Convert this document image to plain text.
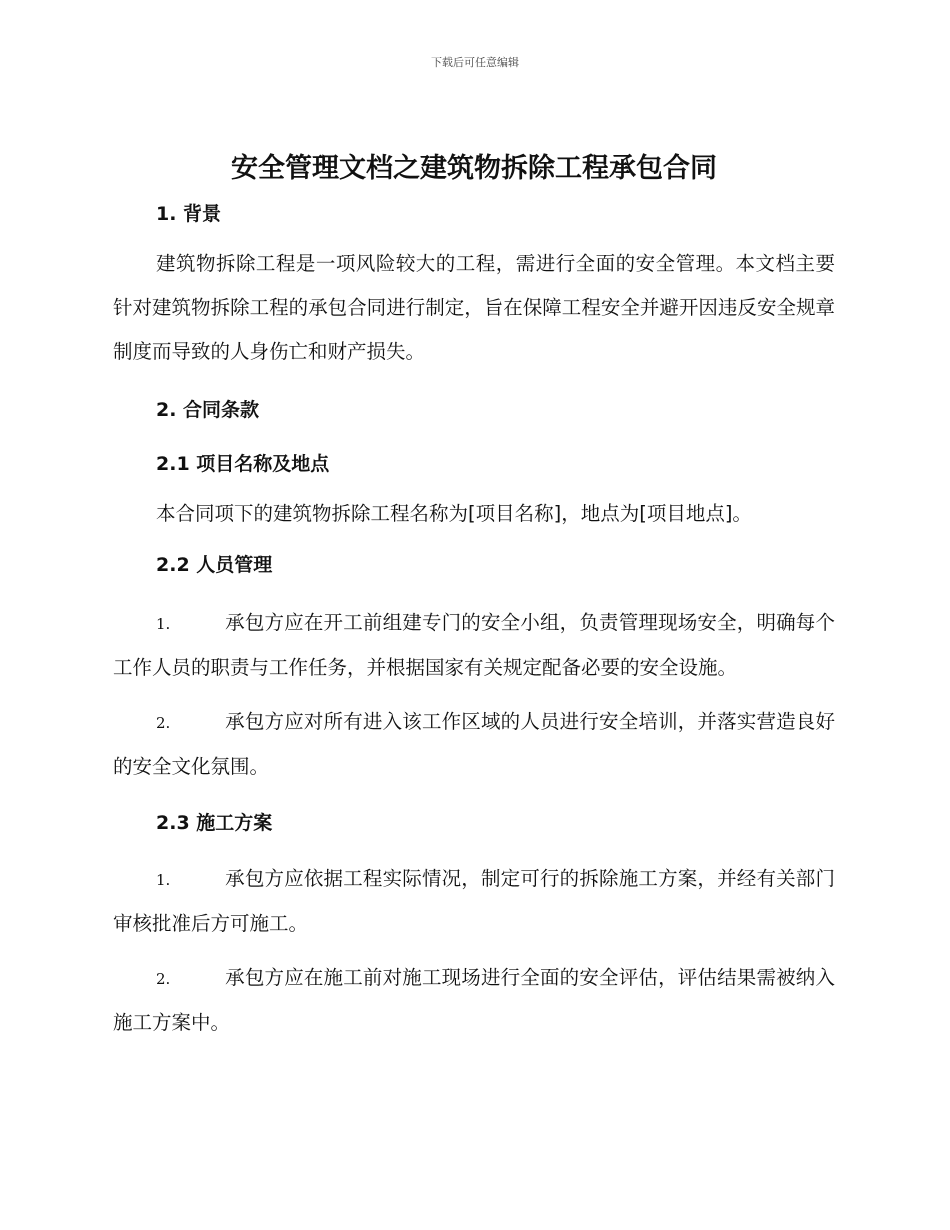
下载后可任意编辑
安全管理文档之建筑物拆除工程承包合同
1. 背景

建筑物拆除工程是一项风险较大的工程，需进行全面的安全管理。本文档主要针对建筑物拆除工程的承包合同进行制定，旨在保障工程安全并避开因违反安全规章制度而导致的人身伤亡和财产损失。

2. 合同条款
2.1 项目名称及地点

本合同项下的建筑物拆除工程名称为[项目名称]，地点为[项目地点]。

2.2 人员管理

1.	承包方应在开工前组建专门的安全小组，负责管理现场安全，明确每个工作人员的职责与工作任务，并根据国家有关规定配备必要的安全设施。

2.	承包方应对所有进入该工作区域的人员进行安全培训，并落实营造良好的安全文化氛围。

2.3 施工方案

1.	承包方应依据工程实际情况，制定可行的拆除施工方案，并经有关部门审核批准后方可施工。

2.	承包方应在施工前对施工现场进行全面的安全评估，评估结果需被纳入施工方案中。
